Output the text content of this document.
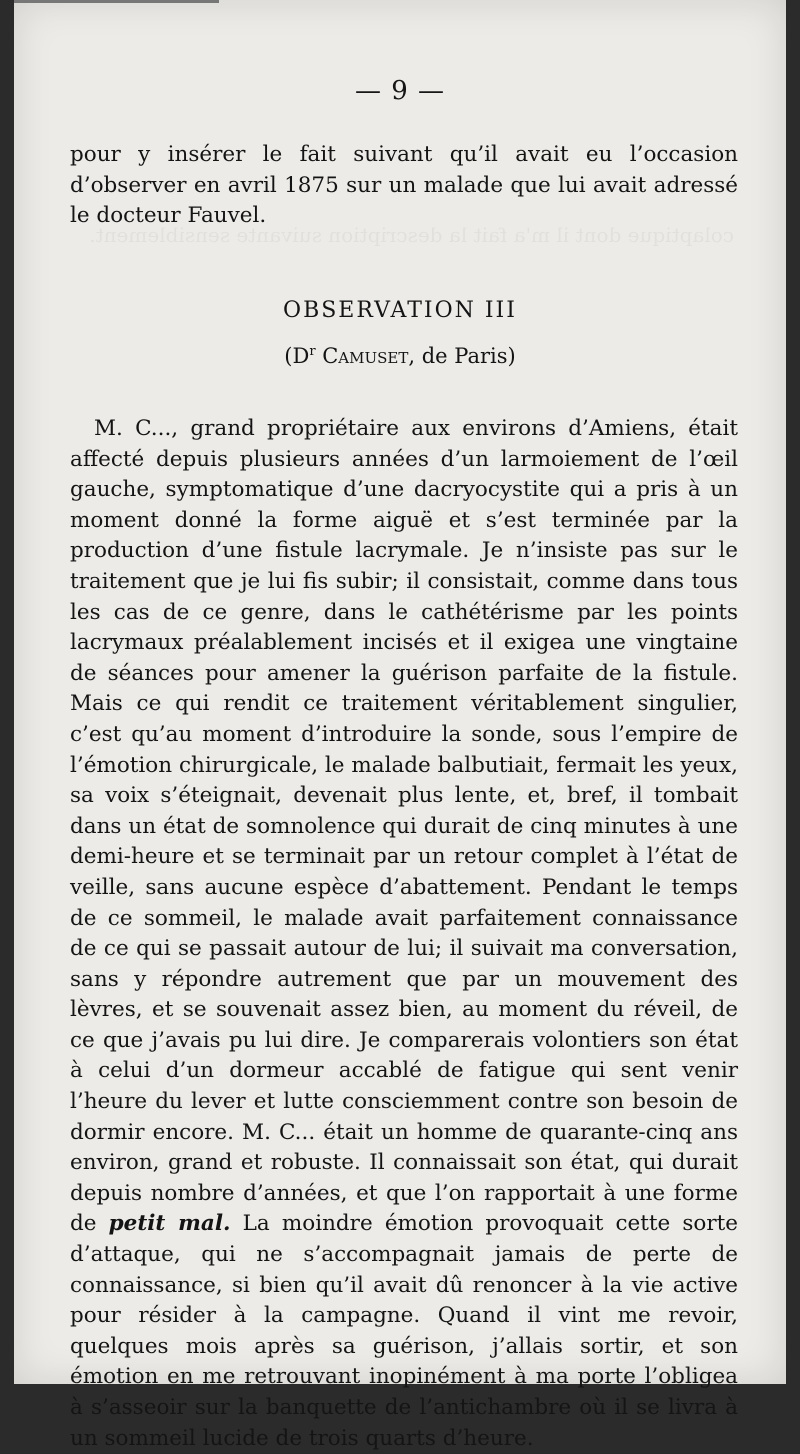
— 9 —
pour y insérer le fait suivant qu’il avait eu l’occasion d’observer en avril 1875 sur un malade que lui avait adressé le docteur Fauvel.
OBSERVATION III
($D^r$ Camuset, de Paris)
M. C..., grand propriétaire aux environs d’Amiens, était affecté depuis plusieurs années d’un larmoiement de l’œil gauche, symptomatique d’une dacryocystite qui a pris à un moment donné la forme aiguë et s’est terminée par la production d’une fistule lacrymale. Je n’insiste pas sur le traitement que je lui fis subir; il consistait, comme dans tous les cas de ce genre, dans le cathétérisme par les points lacrymaux préalablement incisés et il exigea une vingtaine de séances pour amener la guérison parfaite de la fistule. Mais ce qui rendit ce traitement véritablement singulier, c’est qu’au moment d’introduire la sonde, sous l’empire de l’émotion chirurgicale, le malade balbutiait, fermait les yeux, sa voix s’éteignait, devenait plus lente, et, bref, il tombait dans un état de somnolence qui durait de cinq minutes à une demi-heure et se terminait par un retour complet à l’état de veille, sans aucune espèce d’abattement. Pendant le temps de ce sommeil, le malade avait parfaitement connaissance de ce qui se passait autour de lui; il suivait ma conversation, sans y répondre autrement que par un mouvement des lèvres, et se souvenait assez bien, au moment du réveil, de ce que j’avais pu lui dire. Je comparerais volontiers son état à celui d’un dormeur accablé de fatigue qui sent venir l’heure du lever et lutte consciemment contre son besoin de dormir encore. M. C... était un homme de quarante-cinq ans environ, grand et robuste. Il connaissait son état, qui durait depuis nombre d’années, et que l’on rapportait à une forme de petit mal. La moindre émotion provoquait cette sorte d’attaque, qui ne s’accompagnait jamais de perte de connaissance, si bien qu’il avait dû renoncer à la vie active pour résider à la campagne. Quand il vint me revoir, quelques mois après sa guérison, j’allais sortir, et son émotion en me retrouvant inopinément à ma porte l’obligea à s’asseoir sur la banquette de l’antichambre où il se livra à un sommeil lucide de trois quarts d’heure.
